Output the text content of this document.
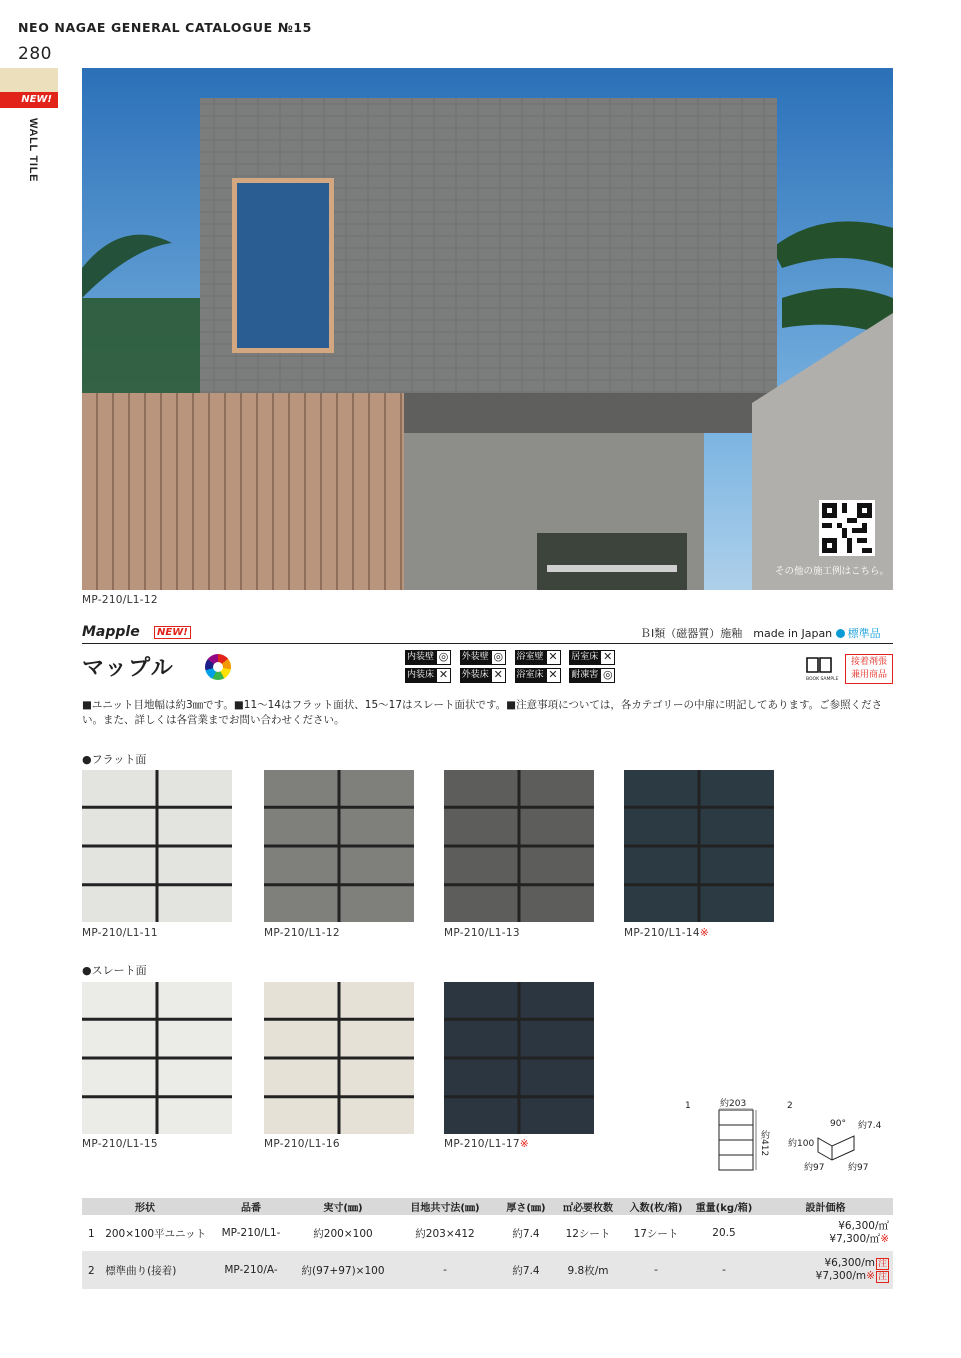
NEO NAGAE GENERAL CATALOGUE №15
280
NEW!
WALL TILE
その他の施工例はこちら。
MP-210/L1-12
Mapple	NEW!	ＢⅠ類（磁器質）施釉　made in Japan 標準品
マップル	内装壁 ◎	外装壁 ◎	浴室壁 ✕	居室床 ✕
内装床 ✕	外装床 ✕	浴室床 ✕	耐凍害 ◎	BOOK SAMPLE
接着剤張
兼用商品
■ユニット目地幅は約3㎜です。■11～14はフラット面状、15～17はスレート面状です。■注意事項については，各カテゴリーの中扉に明記してあります。ご参照ください。また、詳しくは各営業までお問い合わせください。
●フラット面
MP-210/L1-11	MP-210/L1-12	MP-210/L1-13	MP-210/L1-14※
●スレート面
MP-210/L1-15	MP-210/L1-16	MP-210/L1-17※
1	約203
約412
2
90° 約7.4
約100
約97	約97
形状	品番	実寸(㎜)	目地共寸法(㎜)	厚さ(㎜)	㎡必要枚数	入数(枚/箱)	重量(kg/箱)	設計価格
1　 200×100平ユニット	MP-210/L1-	約200×100	約203×412	約7.4	12シート	17シート	20.5	¥6,300/㎡
¥7,300/㎡※

2　 標準曲り(接着)	MP-210/A-	約(97+97)×100	-	約7.4	9.8枚/m	-	-	¥6,300/m 注
¥7,300/m※ 注
